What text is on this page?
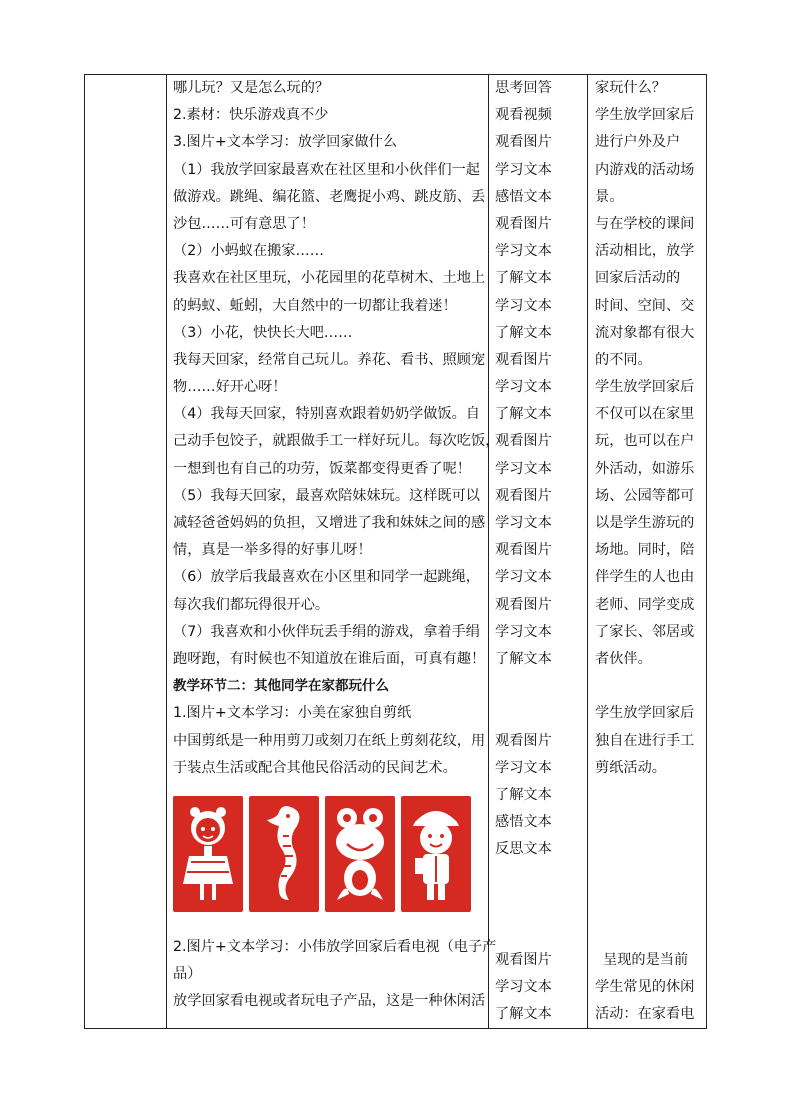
哪儿玩？又是怎么玩的？
2.素材：快乐游戏真不少
3.图片+文本学习：放学回家做什么
（1）我放学回家最喜欢在社区里和小伙伴们一起
做游戏。跳绳、编花篮、老鹰捉小鸡、跳皮筋、丢
沙包……可有意思了！
（2）小蚂蚁在搬家……
我喜欢在社区里玩，小花园里的花草树木、土地上
的蚂蚁、蚯蚓，大自然中的一切都让我着迷！
（3）小花，快快长大吧……
我每天回家，经常自己玩儿。养花、看书、照顾宠
物……好开心呀！
（4）我每天回家，特别喜欢跟着奶奶学做饭。自
己动手包饺子，就跟做手工一样好玩儿。每次吃饭，
一想到也有自己的功劳，饭菜都变得更香了呢！
（5）我每天回家，最喜欢陪妹妹玩。这样既可以
减轻爸爸妈妈的负担，又增进了我和妹妹之间的感
情，真是一举多得的好事儿呀！
（6）放学后我最喜欢在小区里和同学一起跳绳，
每次我们都玩得很开心。
（7）我喜欢和小伙伴玩丢手绢的游戏，拿着手绢
跑呀跑，有时候也不知道放在谁后面，可真有趣！
教学环节二：其他同学在家都玩什么
1.图片+文本学习：小美在家独自剪纸
中国剪纸是一种用剪刀或刻刀在纸上剪刻花纹，用
于装点生活或配合其他民俗活动的民间艺术。
2.图片+文本学习：小伟放学回家后看电视（电子产
品）
放学回家看电视或者玩电子产品，这是一种休闲活
思考回答
观看视频
观看图片
学习文本
感悟文本
观看图片
学习文本
了解文本
学习文本
了解文本
观看图片
学习文本
了解文本
观看图片
学习文本
观看图片
学习文本
观看图片
学习文本
观看图片
学习文本
了解文本
观看图片
学习文本
了解文本
感悟文本
反思文本
观看图片
学习文本
了解文本
家玩什么？
学生放学回家后
进行户外及户
内游戏的活动场
景。
与在学校的课间
活动相比，放学
回家后活动的
时间、空间、交
流对象都有很大
的不同。
学生放学回家后
不仅可以在家里
玩，也可以在户
外活动，如游乐
场、公园等都可
以是学生游玩的
场地。同时，陪
伴学生的人也由
老师、同学变成
了家长、邻居或
者伙伴。
学生放学回家后
独自在进行手工
剪纸活动。
呈现的是当前
学生常见的休闲
活动：在家看电
